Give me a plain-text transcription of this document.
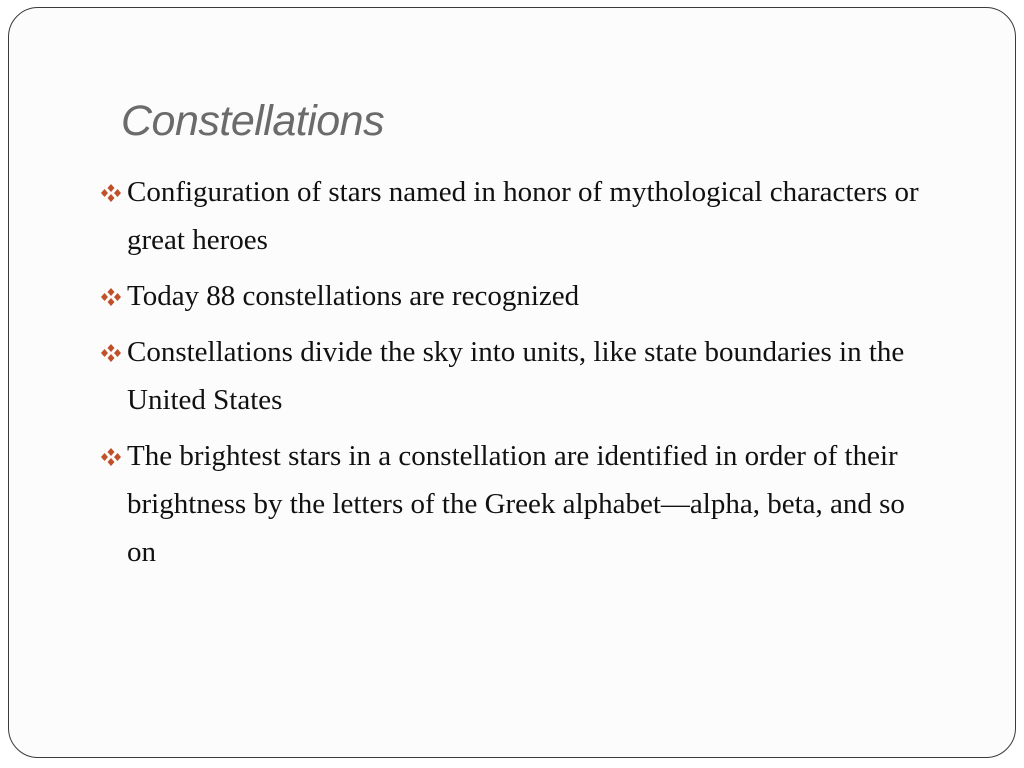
Constellations
Configuration of stars named in honor of mythological characters or great heroes
Today 88 constellations are recognized
Constellations divide the sky into units, like state boundaries in the United States
The brightest stars in a constellation are identified in order of their brightness by the letters of the Greek alphabet—alpha, beta, and so on
